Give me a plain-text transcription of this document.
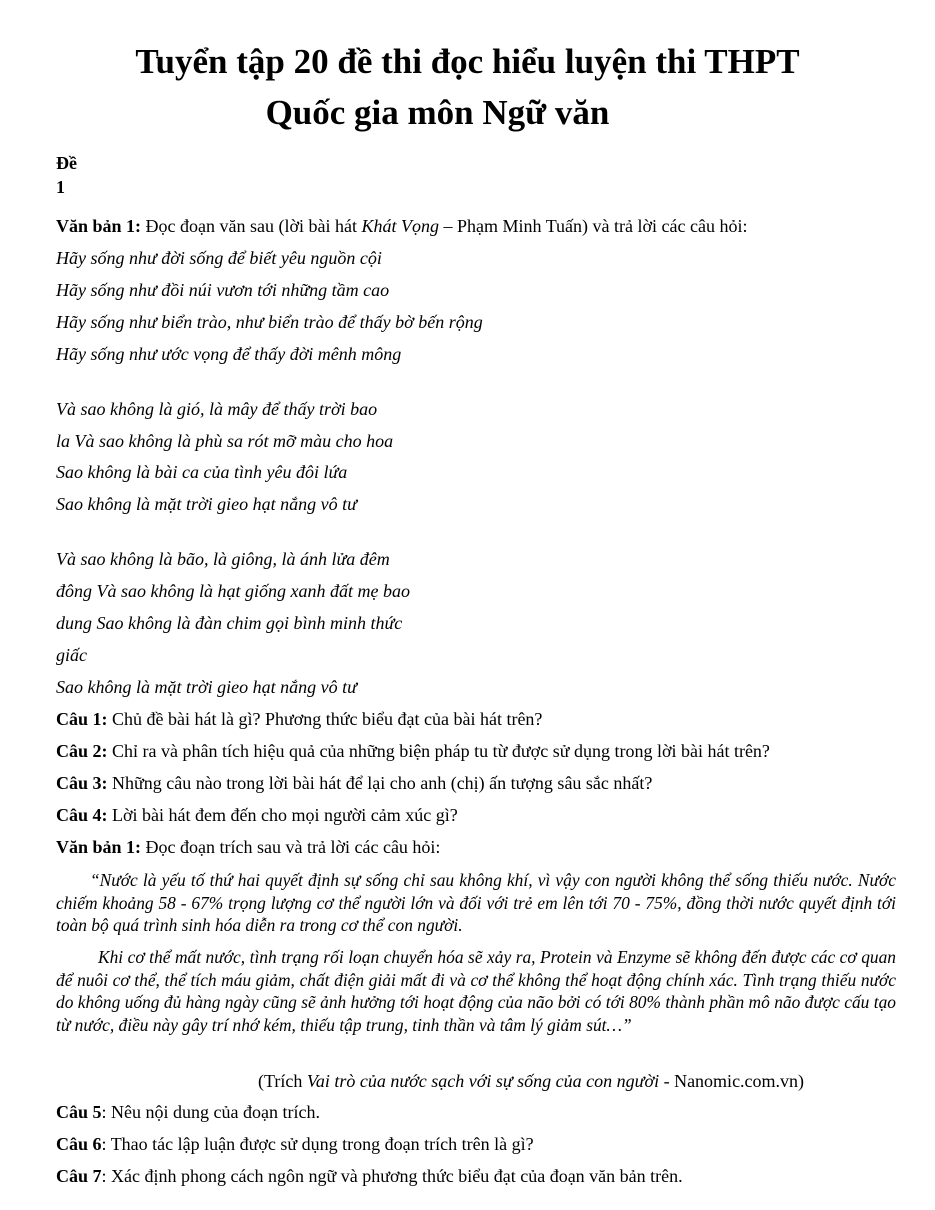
Tuyển tập 20 đề thi đọc hiểu luyện thi THPT
Quốc gia môn Ngữ văn
Đề
1
Văn bản 1: Đọc đoạn văn sau (lời bài hát Khát Vọng – Phạm Minh Tuấn) và trả lời các câu hỏi:
Hãy sống như đời sống để biết yêu nguồn cội
Hãy sống như đồi núi vươn tới những tầm cao
Hãy sống như biển trào, như biển trào để thấy bờ bến rộng
Hãy sống như ước vọng để thấy đời mênh mông
Và sao không là gió, là mây để thấy trời bao
la Và sao không là phù sa rót mỡ màu cho hoa
Sao không là bài ca của tình yêu đôi lứa
Sao không là mặt trời gieo hạt nắng vô tư
Và sao không là bão, là giông, là ánh lửa đêm
đông Và sao không là hạt giống xanh đất mẹ bao
dung Sao không là đàn chim gọi bình minh thức
giấc
Sao không là mặt trời gieo hạt nắng vô tư
Câu 1: Chủ đề bài hát là gì? Phương thức biểu đạt của bài hát trên?
Câu 2: Chỉ ra và phân tích hiệu quả của những biện pháp tu từ được sử dụng trong lời bài hát trên?
Câu 3: Những câu nào trong lời bài hát để lại cho anh (chị) ấn tượng sâu sắc nhất?
Câu 4: Lời bài hát đem đến cho mọi người cảm xúc gì?
Văn bản 1: Đọc đoạn trích sau và trả lời các câu hỏi:
“Nước là yếu tố thứ hai quyết định sự sống chỉ sau không khí, vì vậy con người không thể sống thiếu nước. Nước chiếm khoảng 58 - 67% trọng lượng cơ thể người lớn và đối với trẻ em lên tới 70 - 75%, đồng thời nước quyết định tới toàn bộ quá trình sinh hóa diễn ra trong cơ thể con người.
Khi cơ thể mất nước, tình trạng rối loạn chuyển hóa sẽ xảy ra, Protein và Enzyme sẽ không đến được các cơ quan để nuôi cơ thể, thể tích máu giảm, chất điện giải mất đi và cơ thể không thể hoạt động chính xác. Tình trạng thiếu nước do không uống đủ hàng ngày cũng sẽ ảnh hưởng tới hoạt động của não bởi có tới 80% thành phần mô não được cấu tạo từ nước, điều này gây trí nhớ kém, thiếu tập trung, tinh thần và tâm lý giảm sút…”
(Trích Vai trò của nước sạch với sự sống của con người - Nanomic.com.vn)
Câu 5: Nêu nội dung của đoạn trích.
Câu 6: Thao tác lập luận được sử dụng trong đoạn trích trên là gì?
Câu 7: Xác định phong cách ngôn ngữ và phương thức biểu đạt của đoạn văn bản trên.
